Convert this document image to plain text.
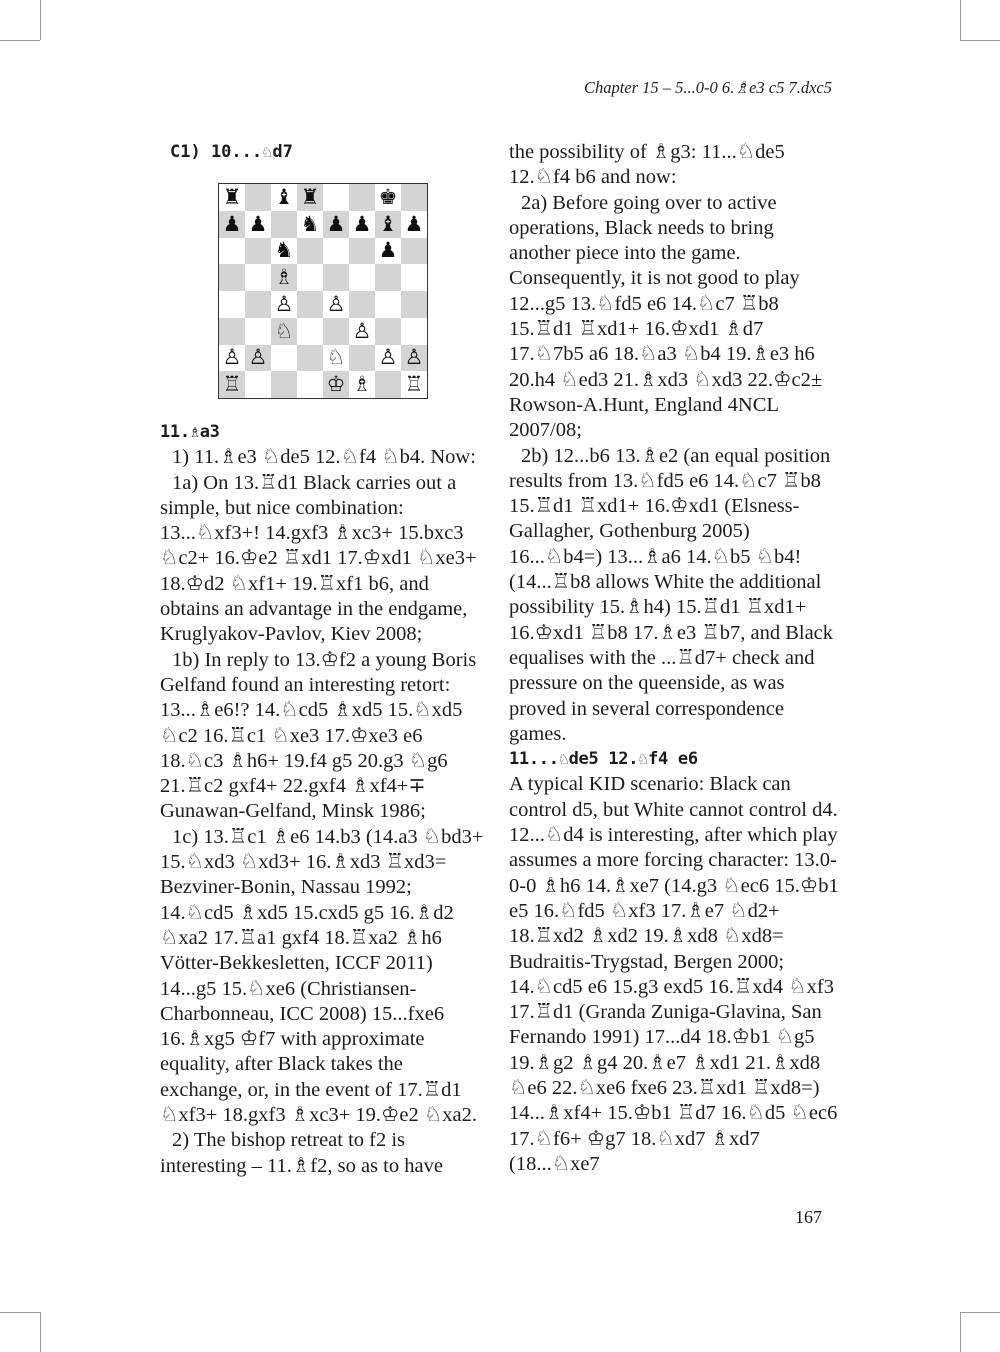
Chapter 15 – 5...0-0 6.♗e3 c5 7.dxc5
C1) 10...♘d7
♜ ♝ ♜	♚
♟ ♟ ♞ ♟ ♟ ♝ ♟
♞	♟
♗
♙ ♙
♘	♙
♙ ♙	♘ ♙ ♙
♖	♔ ♗ ♖

11.♗a3

1) 11.♗e3 ♘de5 12.♘f4 ♘b4. Now:

1a) On 13.♖d1 Black carries out a simple, but nice combination: 13...♘xf3+! 14.gxf3 ♗xc3+ 15.bxc3 ♘c2+ 16.♔e2 ♖xd1 17.♔xd1 ♘xe3+ 18.♔d2 ♘xf1+ 19.♖xf1 b6, and obtains an advantage in the endgame, Kruglyakov-Pavlov, Kiev 2008;

1b) In reply to 13.♔f2 a young Boris Gelfand found an interesting retort: 13...♗e6!? 14.♘cd5 ♗xd5 15.♘xd5 ♘c2 16.♖c1 ♘xe3 17.♔xe3 e6 18.♘c3 ♗h6+ 19.f4 g5 20.g3 ♘g6 21.♖c2 gxf4+ 22.gxf4 ♗xf4+∓ Gunawan-Gelfand, Minsk 1986;

1c) 13.♖c1 ♗e6 14.b3 (14.a3 ♘bd3+ 15.♘xd3 ♘xd3+ 16.♗xd3 ♖xd3= Bezviner-Bonin, Nassau 1992; 14.♘cd5 ♗xd5 15.cxd5 g5 16.♗d2 ♘xa2 17.♖a1 gxf4 18.♖xa2 ♗h6 Vötter-Bekkesletten, ICCF 2011) 14...g5 15.♘xe6 (Christiansen-Charbonneau, ICC 2008) 15...fxe6 16.♗xg5 ♔f7 with approximate equality, after Black takes the exchange, or, in the event of 17.♖d1 ♘xf3+ 18.gxf3 ♗xc3+ 19.♔e2 ♘xa2.

2) The bishop retreat to f2 is interesting – 11.♗f2, so as to have

the possibility of ♗g3: 11...♘de5 12.♘f4 b6 and now:

2a) Before going over to active operations, Black needs to bring another piece into the game. Consequently, it is not good to play 12...g5 13.♘fd5 e6 14.♘c7 ♖b8 15.♖d1 ♖xd1+ 16.♔xd1 ♗d7 17.♘7b5 a6 18.♘a3 ♘b4 19.♗e3 h6 20.h4 ♘ed3 21.♗xd3 ♘xd3 22.♔c2± Rowson-A.Hunt, England 4NCL 2007/08;

2b) 12...b6 13.♗e2 (an equal position results from 13.♘fd5 e6 14.♘c7 ♖b8 15.♖d1 ♖xd1+ 16.♔xd1 (Elsness-Gallagher, Gothenburg 2005) 16...♘b4=) 13...♗a6 14.♘b5 ♘b4! (14...♖b8 allows White the additional possibility 15.♗h4) 15.♖d1 ♖xd1+ 16.♔xd1 ♖b8 17.♗e3 ♖b7, and Black equalises with the ...♖d7+ check and pressure on the queenside, as was proved in several correspondence games.

11...♘de5 12.♘f4 e6

A typical KID scenario: Black can control d5, but White cannot control d4.

12...♘d4 is interesting, after which play assumes a more forcing character: 13.0-0-0 ♗h6 14.♗xe7 (14.g3 ♘ec6 15.♔b1 e5 16.♘fd5 ♘xf3 17.♗e7 ♘d2+ 18.♖xd2 ♗xd2 19.♗xd8 ♘xd8= Budraitis-Trygstad, Bergen 2000; 14.♘cd5 e6 15.g3 exd5 16.♖xd4 ♘xf3 17.♖d1 (Granda Zuniga-Glavina, San Fernando 1991) 17...d4 18.♔b1 ♘g5 19.♗g2 ♗g4 20.♗e7 ♗xd1 21.♗xd8 ♘e6 22.♘xe6 fxe6 23.♖xd1 ♖xd8=) 14...♗xf4+ 15.♔b1 ♖d7 16.♘d5 ♘ec6 17.♘f6+ ♔g7 18.♘xd7 ♗xd7 (18...♘xe7

167
